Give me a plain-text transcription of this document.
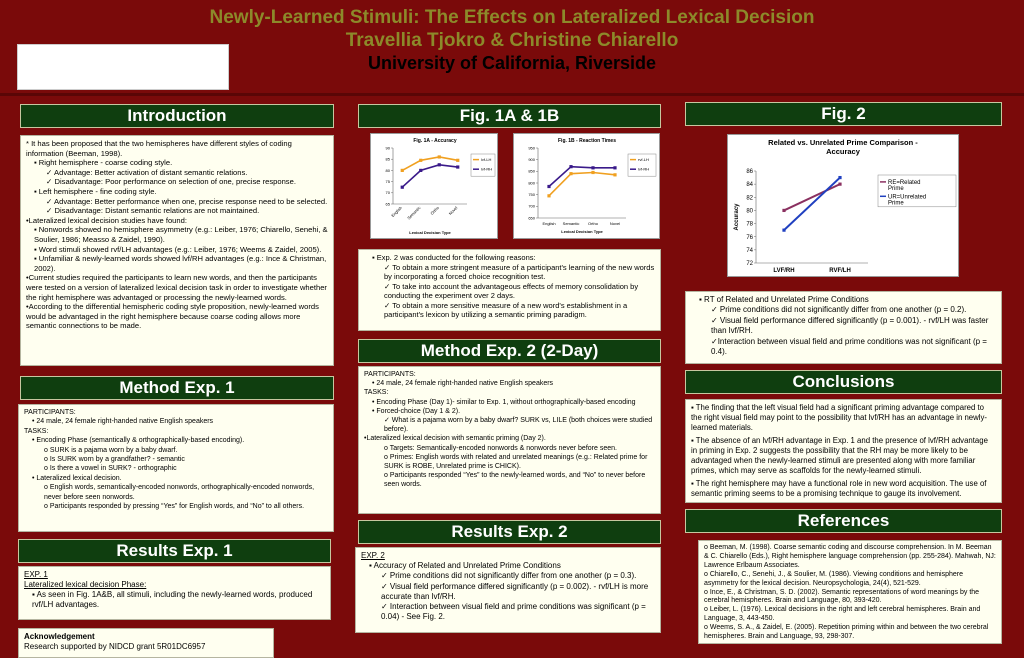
Newly-Learned Stimuli: The Effects on Lateralized Lexical Decision
Travellia Tjokro & Christine Chiarello
University of California, Riverside
Introduction

* It has been proposed that the two hemispheres have different styles of coding information (Beeman, 1998).

▪ Right hemisphere - coarse coding style.

✓ Advantage: Better activation of distant semantic relations.

✓ Disadvantage: Poor performance on selection of one, precise response.

▪ Left hemisphere - fine coding style.

✓ Advantage: Better performance when one, precise response need to be selected.

✓ Disadvantage: Distant semantic relations are not maintained.

•Lateralized lexical decision studies have found:

▪ Nonwords showed no hemisphere asymmetry (e.g.: Leiber, 1976; Chiarello, Senehi, & Soulier, 1986; Measso & Zaidel, 1990).

▪ Word stimuli showed rvf/LH advantages (e.g.: Leiber, 1976; Weems & Zaidel, 2005).

▪ Unfamiliar & newly-learned words showed lvf/RH advantages (e.g.: Ince & Christman, 2002).

•Current studies required the participants to learn new words, and then the participants were tested on a version of lateralized lexical decision task in order to investigate whether the right hemisphere was advantaged or processing the newly-learned words.

•According to the differential hemispheric coding style proposition, newly-learned words would be advantaged in the right hemisphere because coarse coding allows more semantic connections to be made.

Method Exp. 1

PARTICIPANTS:

• 24 male, 24 female right-handed native English speakers

TASKS:

• Encoding Phase (semantically & orthographically-based encoding).

o SURK is a pajama worn by a baby dwarf.

o Is SURK worn by a grandfather? - semantic

o Is there a vowel in SURK? - orthographic

• Lateralized lexical decision.

o English words, semantically-encoded nonwords, orthographically-encoded nonwords, never before seen nonwords.

o Participants responded by pressing “Yes” for English words, and “No” to all others.

Results Exp. 1

EXP. 1

Lateralized lexical decision Phase:

▪ As seen in Fig. 1A&B, all stimuli, including the newly-learned words, produced rvf/LH advantages.

Acknowledgement

Research supported by NIDCD grant 5R01DC6957

Fig. 1A & 1B
Fig. 1A - Accuracy
65
70
75
80
85
90
English Semantic Ortho Novel
Lexical Decision Type
lvf-LH
lvf-RH
Fig. 1B - Reaction Times
650
700
750
800
850
900
950
English Semantic Ortho	Novel
Lexical Decision Type
rvf-LH
lvf-RH

▪ Exp. 2 was conducted for the following reasons:

✓ To obtain a more stringent measure of a participant's learning of the new words by incorporating a forced choice recognition test.

✓ To take into account the advantageous effects of memory consolidation by conducting the experiment over 2 days.

✓ To obtain a more sensitive measure of a new word's establishment in a participant's lexicon by utilizing a semantic priming paradigm.

Method Exp. 2 (2-Day)

PARTICIPANTS:

• 24 male, 24 female right-handed native English speakers

TASKS:

• Encoding Phase (Day 1)- similar to Exp. 1, without orthographically-based encoding

• Forced-choice (Day 1 & 2).

✓ What is a pajama worn by a baby dwarf? SURK vs, LILE (both choices were studied before).

•Lateralized lexical decision with semantic priming (Day 2).

o Targets: Semantically-encoded nonwords & nonwords never before seen.

o Primes: English words with related and unrelated meanings (e.g.: Related prime for SURK is ROBE, Unrelated prime is CHICK).

o Participants responded “Yes” to the newly-learned words, and “No” to never before seen words.

Results Exp. 2

EXP. 2

▪ Accuracy of Related and Unrelated Prime Conditions

✓ Prime conditions did not significantly differ from one another (p = 0.3).

✓ Visual field performance differed significantly (p = 0.002). - rvf/LH is more accurate than lvf/RH.

✓ Interaction between visual field and prime conditions was significant (p = 0.04) - See Fig. 2.

Fig. 2
Related vs. Unrelated Prime Comparison -Accuracy
72
74
76
78
80
82
84
86
LVF/RH	RVF/LH
Accuracy
RE=Related Prime
UR=Unrelated Prime

▪ RT of Related and Unrelated Prime Conditions

✓ Prime conditions did not significantly differ from one another (p = 0.2).

✓ Visual field performance differed significantly (p = 0.001). - rvf/LH was faster than lvf/RH.

✓Interaction between visual field and prime conditions was not significant (p = 0.4).

Conclusions

▪ The finding that the left visual field had a significant priming advantage compared to the right visual field may point to the possibility that lvf/RH has an advantage in newly-learned materials.

▪ The absence of an lvf/RH advantage in Exp. 1 and the presence of lvf/RH advantage in priming in Exp. 2 suggests the possibility that the RH may be more likely to be advantaged when the newly-learned stimuli are presented along with more familiar primes, which may serve as scaffolds for the newly-learned stimuli.

▪ The right hemisphere may have a functional role in new word acquisition. The use of semantic priming seems to be a promising technique to gauge its involvement.

References

o Beeman, M. (1998). Coarse semantic coding and discourse comprehension. In M. Beeman & C. Chiarello (Eds.), Right hemisphere language comprehension (pp. 255-284). Mahwah, NJ: Lawrence Erlbaum Associates.

o Chiarello, C., Senehi, J., & Soulier, M. (1986). Viewing conditions and hemisphere asymmetry for the lexical decision. Neuropsychologia, 24(4), 521-529.

o Ince, E., & Christman, S. D. (2002). Semantic representations of word meanings by the cerebral hemispheres. Brain and Language, 80, 393-420.

o Leiber, L. (1976). Lexical decisions in the right and left cerebral hemispheres. Brain and Language, 3, 443-450.

o Weems, S. A., & Zaidel, E. (2005). Repetition priming within and between the two cerebral hemispheres. Brain and Language, 93, 298-307.
